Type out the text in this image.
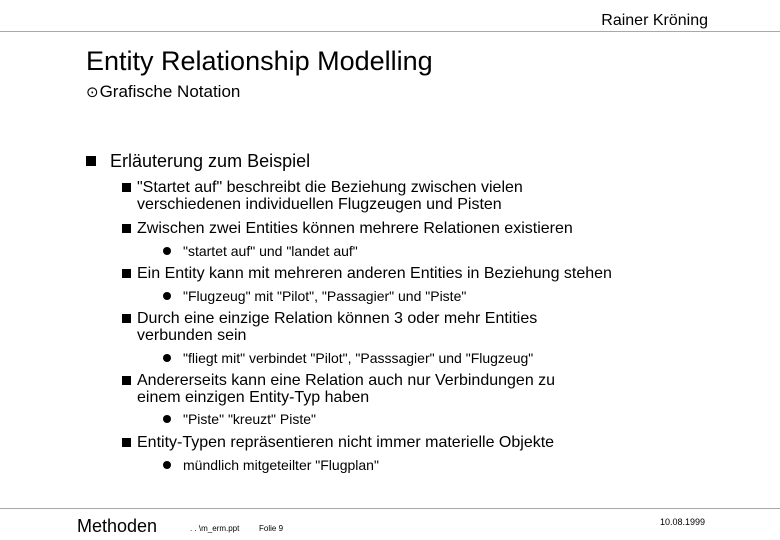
Rainer Kröning
Entity Relationship Modelling
⊙Grafische Notation
Erläuterung zum Beispiel
"Startet auf" beschreibt die Beziehung zwischen vielen verschiedenen individuellen Flugzeugen und Pisten
Zwischen zwei Entities können mehrere Relationen existieren
"startet auf" und "landet auf"
Ein Entity kann mit mehreren anderen Entities in Beziehung stehen
"Flugzeug" mit "Pilot", "Passagier" und "Piste"
Durch eine einzige Relation können 3 oder mehr Entities verbunden sein
"fliegt mit" verbindet "Pilot", "Passsagier" und "Flugzeug"
Andererseits kann eine Relation auch nur Verbindungen zu einem einzigen Entity-Typ haben
"Piste" "kreuzt" Piste"
Entity-Typen repräsentieren nicht immer materielle Objekte
mündlich mitgeteilter "Flugplan"
Methoden	. . \m_erm.ppt Folie 9
10.08.1999
